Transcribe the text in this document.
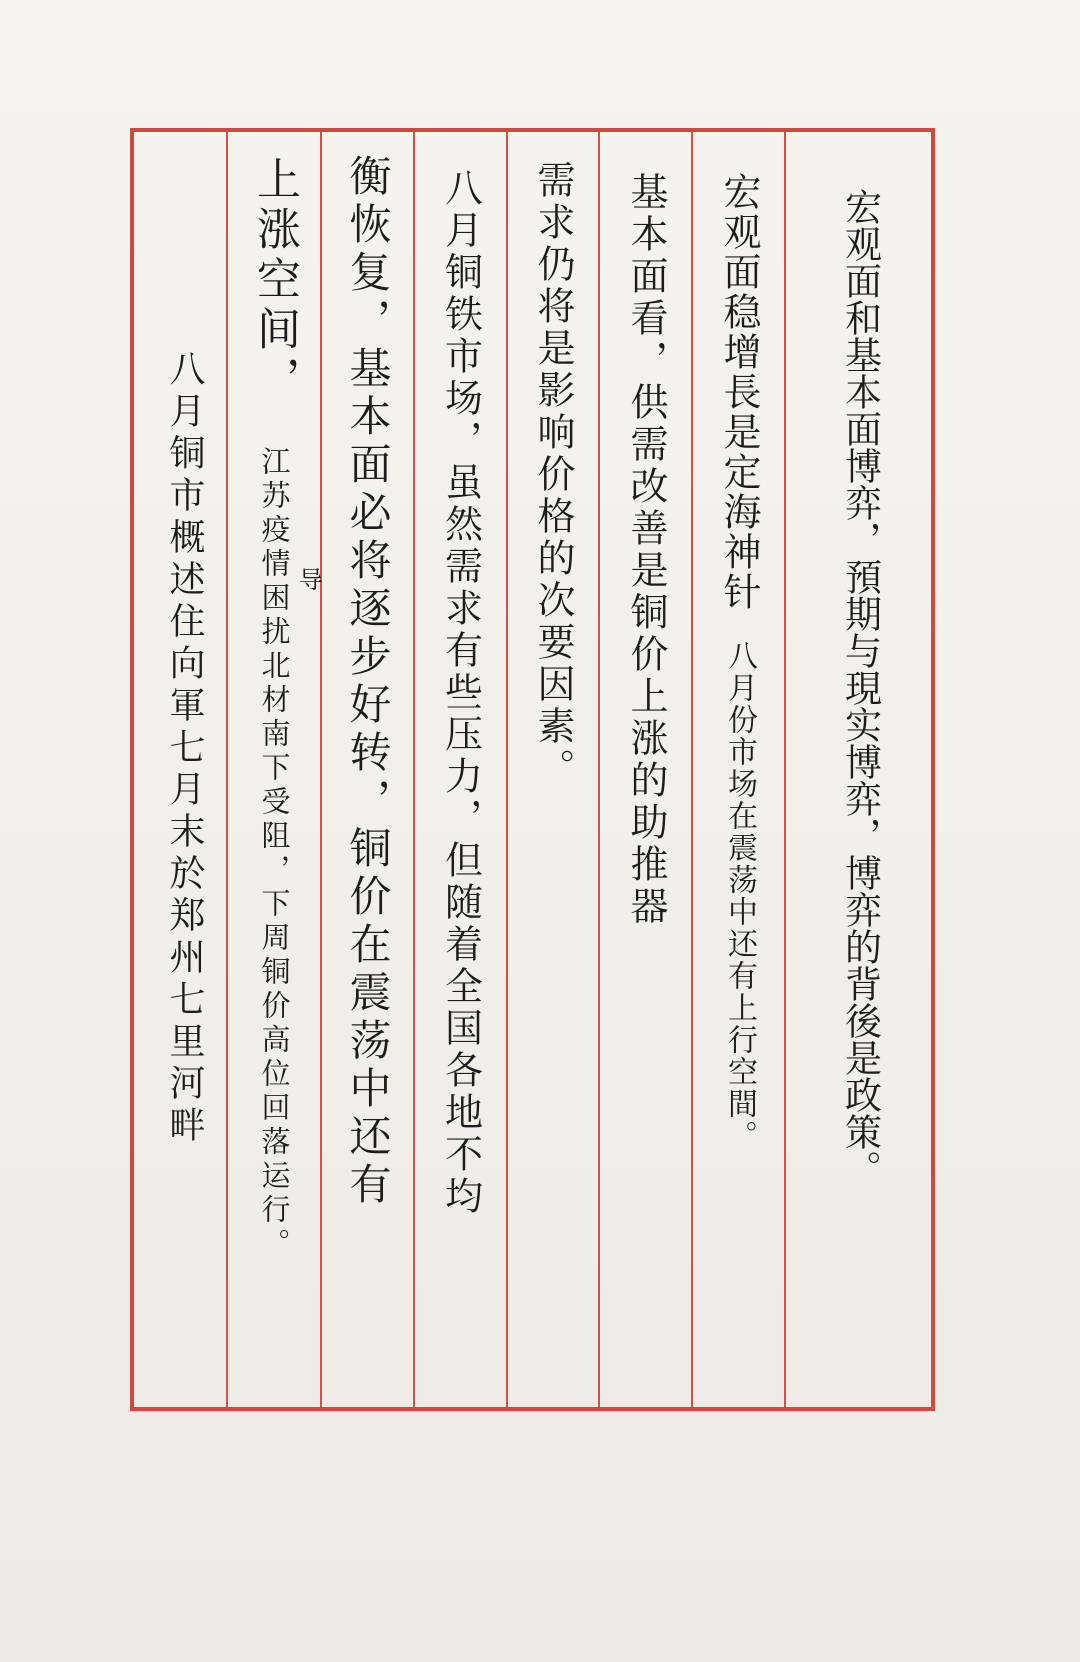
宏观面和基本面博弈，預期与現实博弈，博弈的背後是政策。
宏观面稳增長是定海神针
八月份市场在震荡中还有上行空間。
基本面看，供需改善是铜价上涨的助推器
需求仍将是影响价格的次要因素。
八月铜铁市场，虽然需求有些压力，但随着全国各地不均
衡恢复，基本面必将逐步好转，铜价在震荡中还有
上涨空间，
江苏疫情困扰北材南下受阻，下周铜价高位回落运行。 导
八月铜市概述住向軍七月末於郑州七里河畔
